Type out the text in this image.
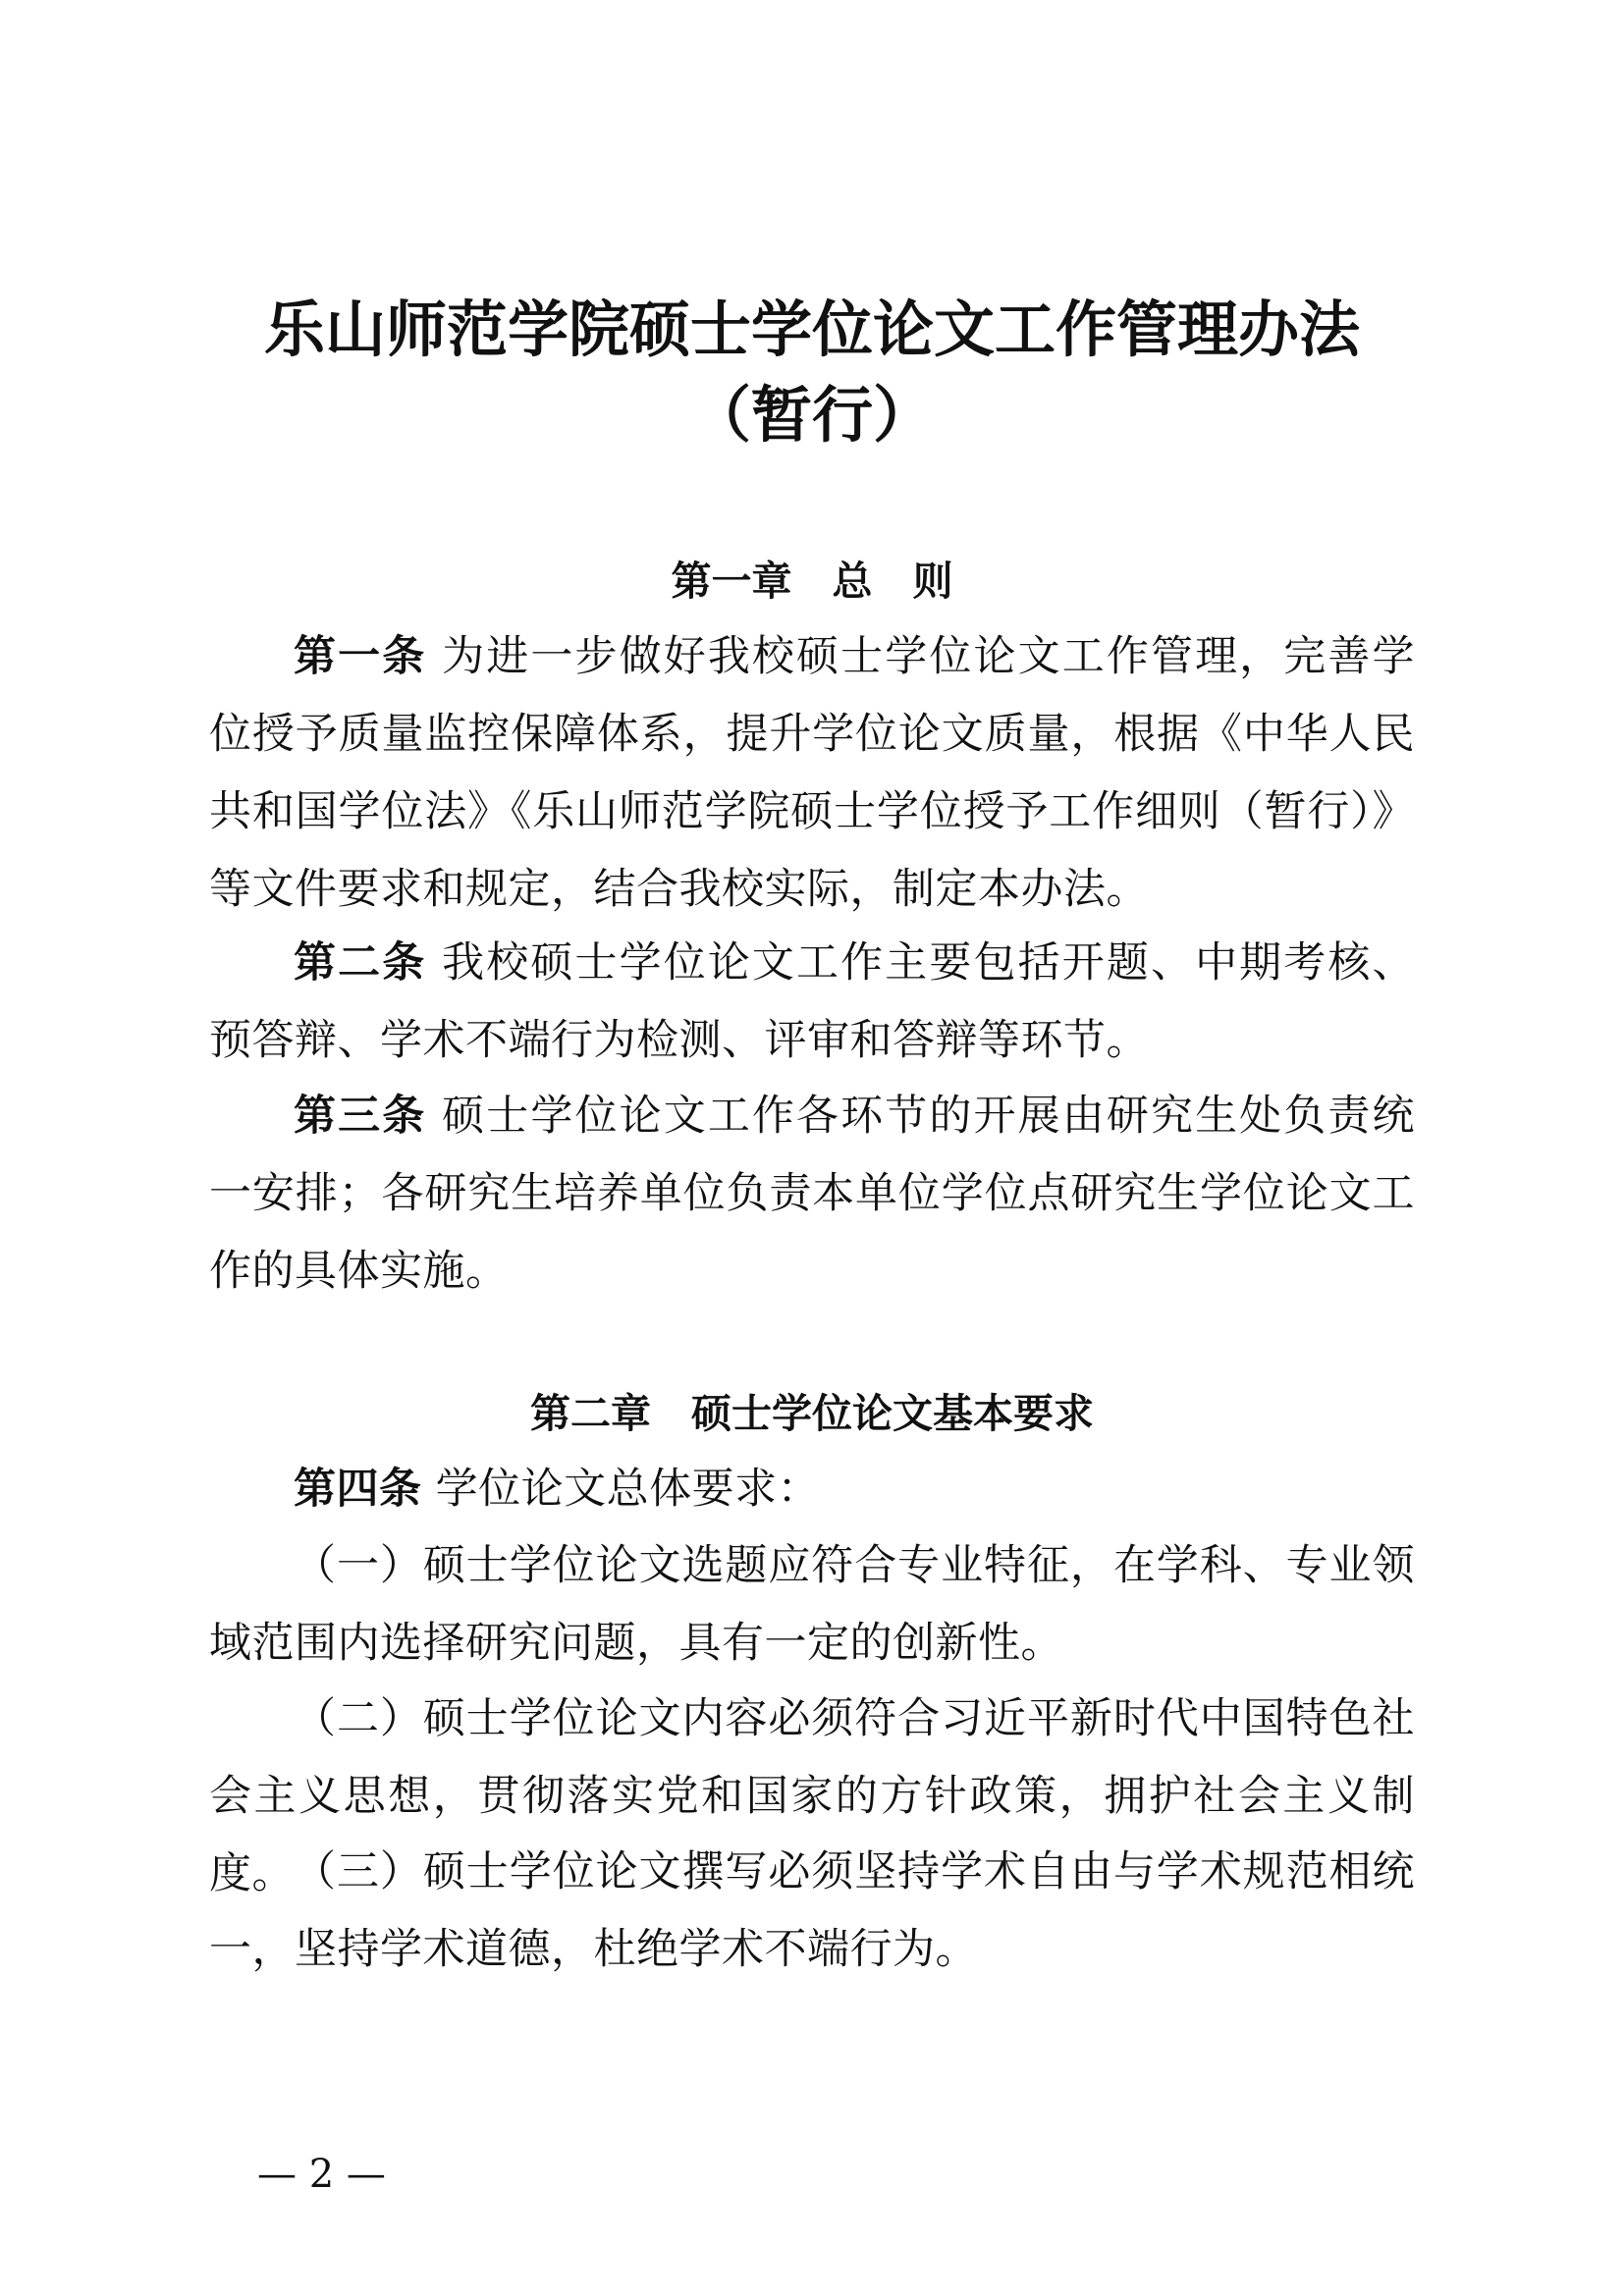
乐山师范学院硕士学位论文工作管理办法
（暂行）
第一章　总　则

第一条 为进一步做好我校硕士学位论文工作管理，完善学位授予质量监控保障体系，提升学位论文质量，根据《中华人民共和国学位法》《乐山师范学院硕士学位授予工作细则（暂行）》等文件要求和规定，结合我校实际，制定本办法。

第二条 我校硕士学位论文工作主要包括开题、中期考核、预答辩、学术不端行为检测、评审和答辩等环节。

第三条 硕士学位论文工作各环节的开展由研究生处负责统一安排；各研究生培养单位负责本单位学位点研究生学位论文工作的具体实施。

第二章　硕士学位论文基本要求

第四条 学位论文总体要求：

（一）硕士学位论文选题应符合专业特征，在学科、专业领域范围内选择研究问题，具有一定的创新性。

（二）硕士学位论文内容必须符合习近平新时代中国特色社会主义思想，贯彻落实党和国家的方针政策，拥护社会主义制度。 （三）硕士学位论文撰写必须坚持学术自由与学术规范相统一，坚持学术道德，杜绝学术不端行为。

— 2 —
